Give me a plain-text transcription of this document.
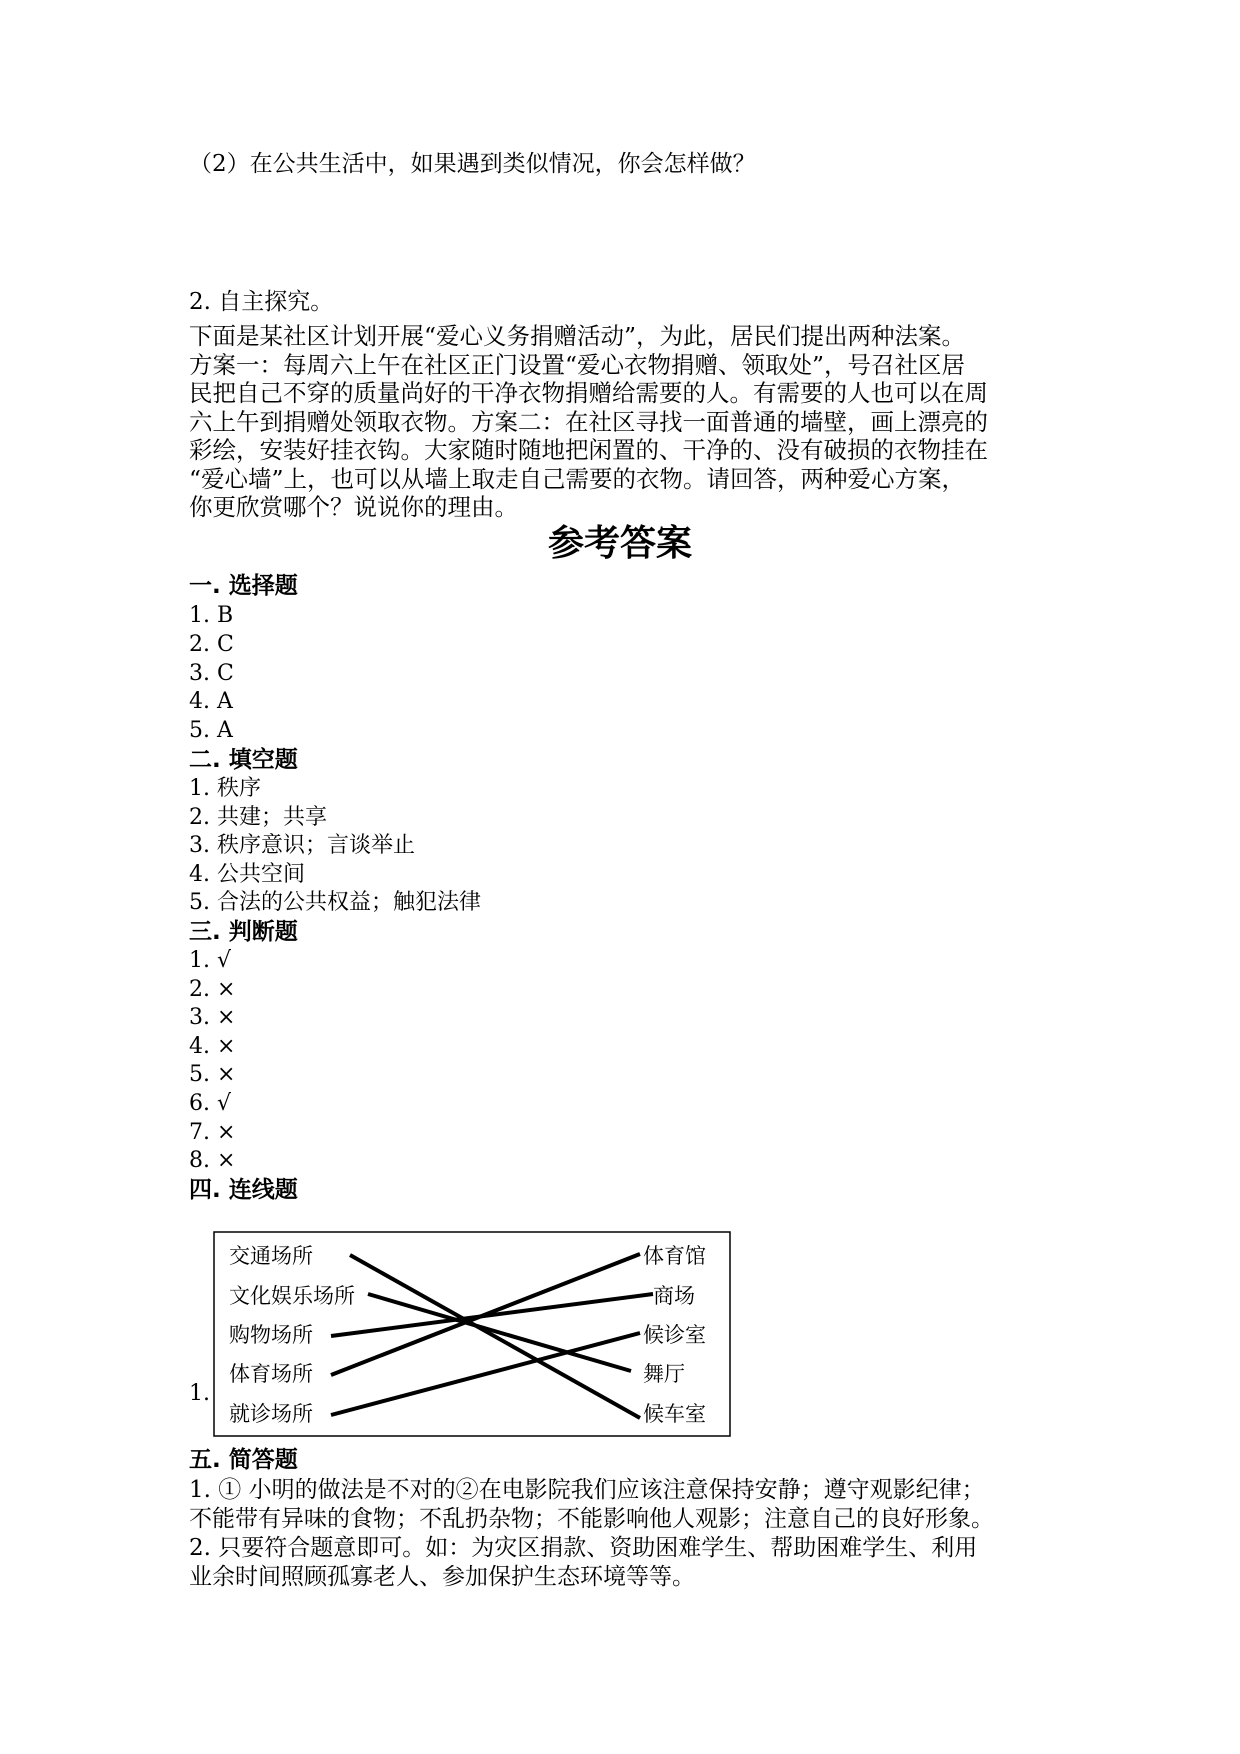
（2）在公共生活中，如果遇到类似情况，你会怎样做？
2. 自主探究。
下面是某社区计划开展“爱心义务捐赠活动”，为此，居民们提出两种法案。
方案一：每周六上午在社区正门设置“爱心衣物捐赠、领取处”，号召社区居
民把自己不穿的质量尚好的干净衣物捐赠给需要的人。有需要的人也可以在周
六上午到捐赠处领取衣物。方案二：在社区寻找一面普通的墙壁，画上漂亮的
彩绘，安装好挂衣钩。大家随时随地把闲置的、干净的、没有破损的衣物挂在
“爱心墙”上，也可以从墙上取走自己需要的衣物。请回答，两种爱心方案，
你更欣赏哪个？说说你的理由。
参考答案
一. 选择题
1. B
2. C
3. C
4. A
5. A
二. 填空题
1. 秩序
2. 共建；共享
3. 秩序意识；言谈举止
4. 公共空间
5. 合法的公共权益；触犯法律
三. 判断题
1. √
2. ×
3. ×
4. ×
5. ×
6. √
7. ×
8. ×
四. 连线题
1.
交通场所
文化娱乐场所
购物场所
体育场所
就诊场所
体育馆
商场
候诊室
舞厅
候车室
五. 简答题
1. ① 小明的做法是不对的②在电影院我们应该注意保持安静；遵守观影纪律；
不能带有异味的食物；不乱扔杂物；不能影响他人观影；注意自己的良好形象。
2. 只要符合题意即可。如：为灾区捐款、资助困难学生、帮助困难学生、利用
业余时间照顾孤寡老人、参加保护生态环境等等。
